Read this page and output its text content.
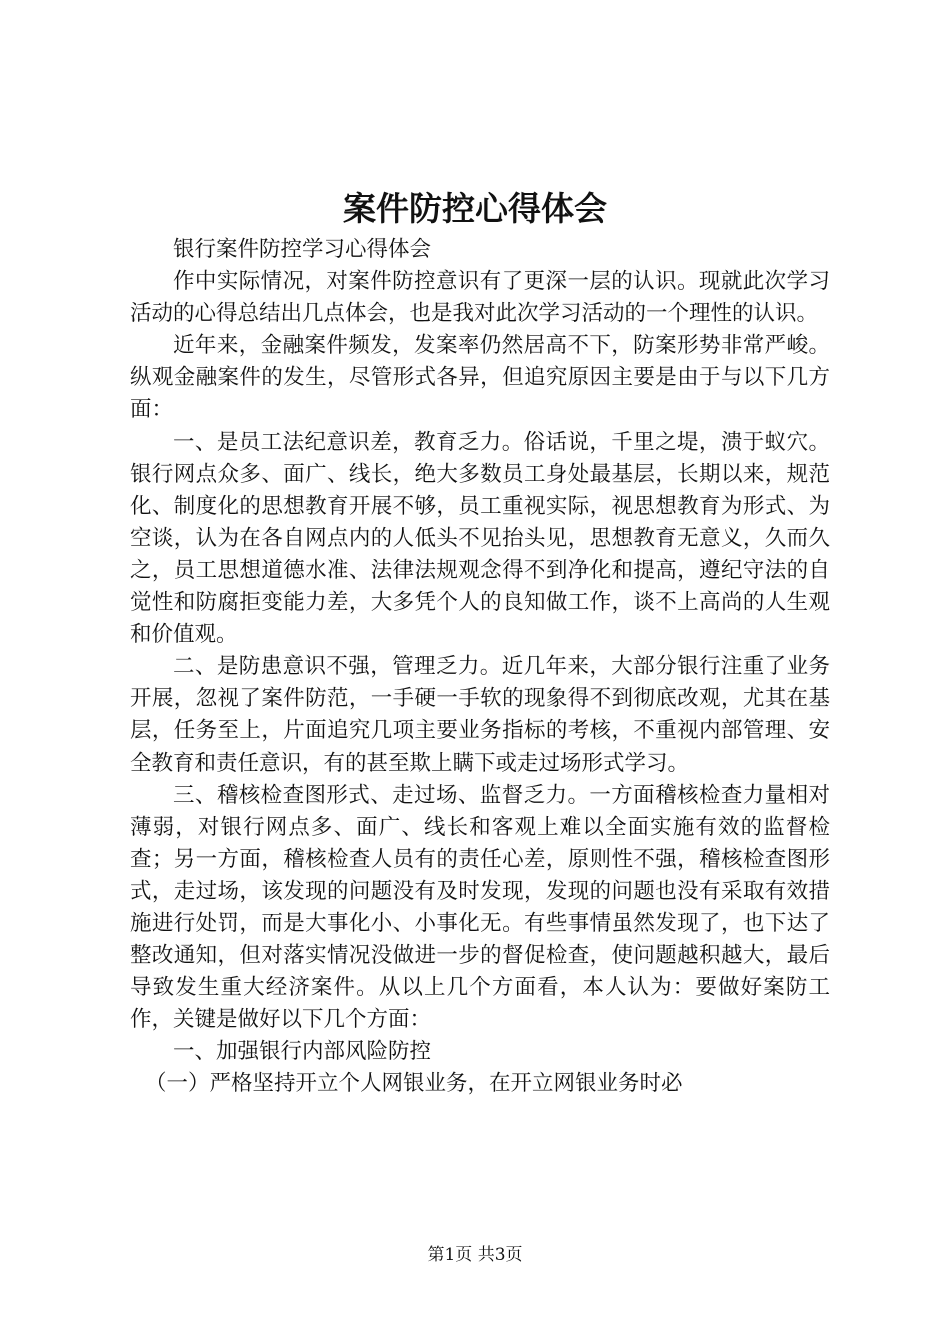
案件防控心得体会

银行案件防控学习心得体会

作中实际情况，对案件防控意识有了更深一层的认识。现就此次学习活动的心得总结出几点体会，也是我对此次学习活动的一个理性的认识。

近年来，金融案件频发，发案率仍然居高不下，防案形势非常严峻。纵观金融案件的发生，尽管形式各异，但追究原因主要是由于与以下几方面：

一、是员工法纪意识差，教育乏力。俗话说，千里之堤，溃于蚁穴。银行网点众多、面广、线长，绝大多数员工身处最基层，长期以来，规范化、制度化的思想教育开展不够，员工重视实际，视思想教育为形式、为空谈，认为在各自网点内的人低头不见抬头见，思想教育无意义，久而久之，员工思想道德水准、法律法规观念得不到净化和提高，遵纪守法的自觉性和防腐拒变能力差，大多凭个人的良知做工作，谈不上高尚的人生观和价值观。

二、是防患意识不强，管理乏力。近几年来，大部分银行注重了业务开展，忽视了案件防范，一手硬一手软的现象得不到彻底改观，尤其在基层，任务至上，片面追究几项主要业务指标的考核，不重视内部管理、安全教育和责任意识，有的甚至欺上瞒下或走过场形式学习。

三、稽核检查图形式、走过场、监督乏力。一方面稽核检查力量相对薄弱，对银行网点多、面广、线长和客观上难以全面实施有效的监督检查；另一方面，稽核检查人员有的责任心差，原则性不强，稽核检查图形式，走过场，该发现的问题没有及时发现，发现的问题也没有采取有效措施进行处罚，而是大事化小、小事化无。有些事情虽然发现了，也下达了整改通知，但对落实情况没做进一步的督促检查，使问题越积越大，最后导致发生重大经济案件。从以上几个方面看，本人认为：要做好案防工作，关键是做好以下几个方面：

一、加强银行内部风险防控

（一）严格坚持开立个人网银业务，在开立网银业务时必

第1页 共3页
